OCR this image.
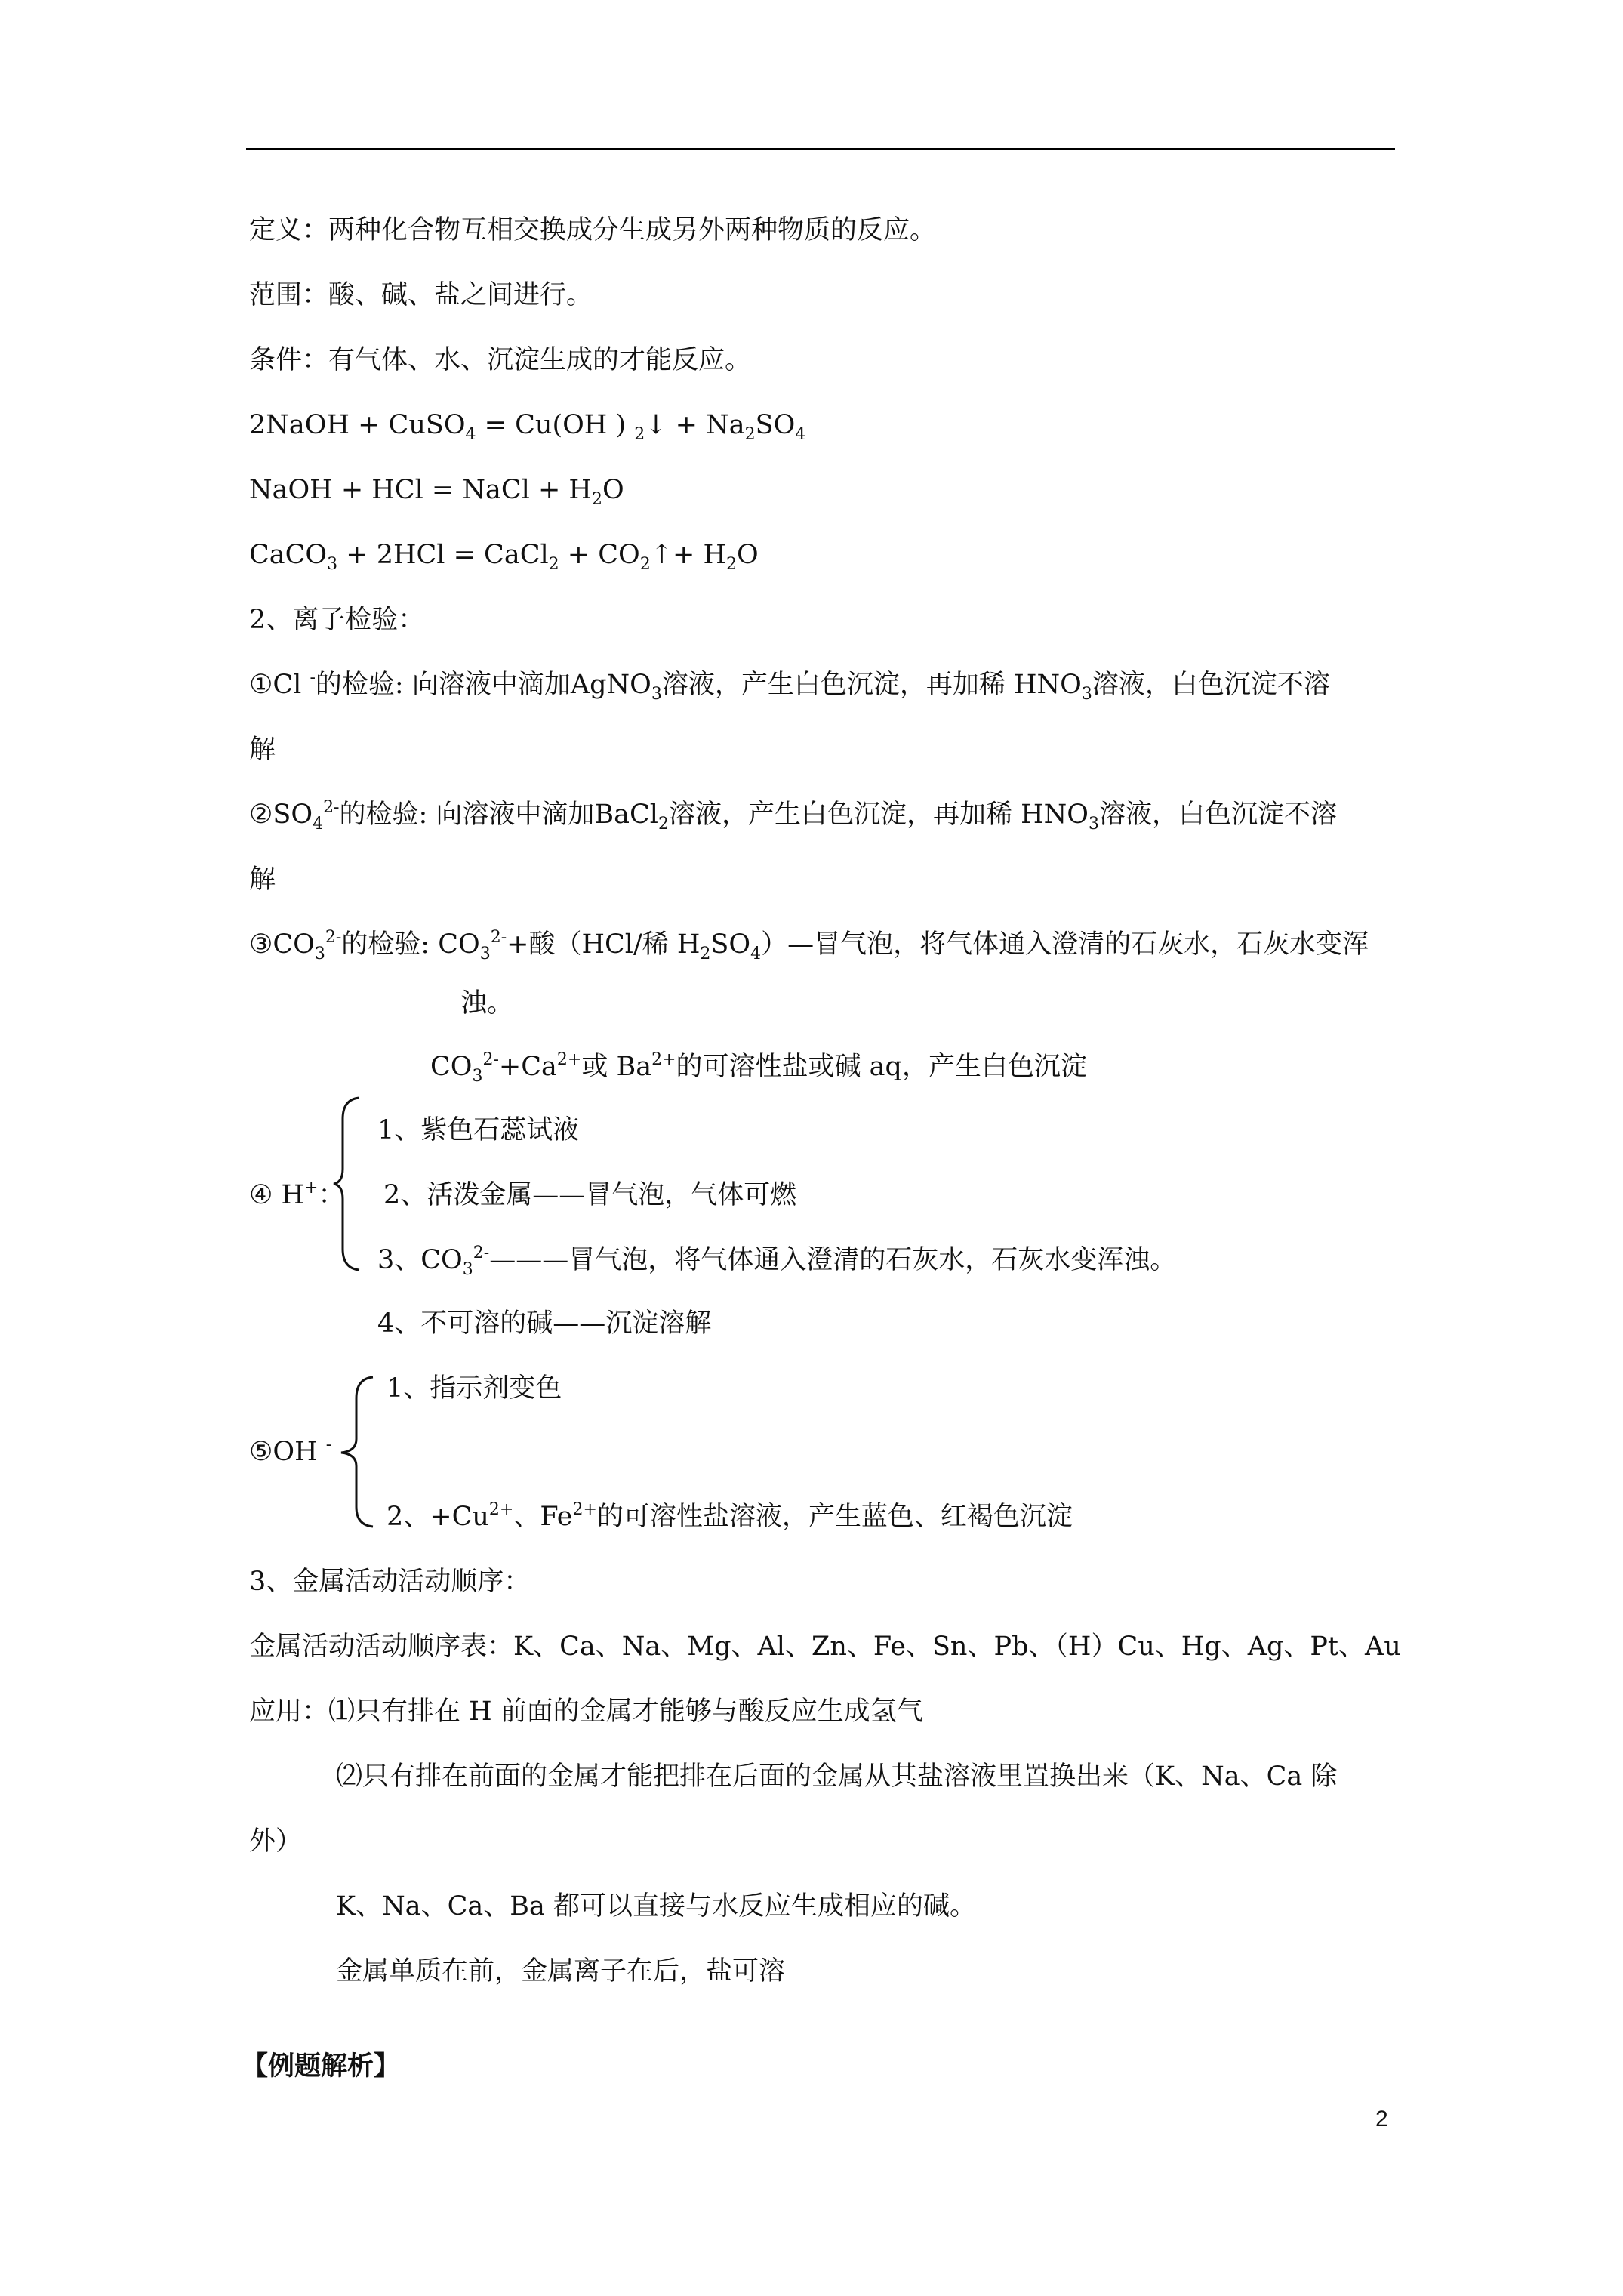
定义：两种化合物互相交换成分生成另外两种物质的反应。
范围：酸、碱、盐之间进行。
条件：有气体、水、沉淀生成的才能反应。
2NaOH + CuSO$_4$ = Cu(OH ) $_2$↓ + $Na_2SO_4$
NaOH + HCl = NaCl + $H_2O$
CaCO$_3$ + 2HCl = CaCl$_2$ + $CO_2↑+ H_2O$
2、离子检验：
①Cl -的检验: 向溶液中滴加AgNO$_3$溶液，产生白色沉淀，再加稀 $HNO_3$溶液，白色沉淀不溶
解
$②SO_4^{2-}$的检验: 向溶液中滴加BaCl$_2$溶液，产生白色沉淀，再加稀 $HNO_3$溶液，白色沉淀不溶
解
$③CO_3^{2-}$的检验: $CO_3^{2-}+$酸（HCl/稀 $H_2SO_4)—$冒气泡，将气体通入澄清的石灰水，石灰水变浑
浊。
$CO_3^{2-}+Ca^{2+}$或 $Ba^{2+}$的可溶性盐或碱 aq，产生白色沉淀
④ H+：
1、紫色石蕊试液
2、活泼金属——冒气泡，气体可燃
3、$CO_3^{2-}———$冒气泡，将气体通入澄清的石灰水，石灰水变浑浊。
4、不可溶的碱——沉淀溶解
⑤OH -
1、指示剂变色
2、$+Cu^{2+}$、$Fe^{2+}$的可溶性盐溶液，产生蓝色、红褐色沉淀
3、金属活动活动顺序：
金属活动活动顺序表：K、Ca、Na、Mg、Al、Zn、Fe、Sn、Pb、（H）Cu、Hg、Ag、Pt、Au
应用：⑴只有排在 H 前面的金属才能够与酸反应生成氢气
⑵只有排在前面的金属才能把排在后面的金属从其盐溶液里置换出来（K、Na、Ca 除
外）
K、Na、Ca、Ba 都可以直接与水反应生成相应的碱。
金属单质在前，金属离子在后，盐可溶
【例题解析】
2
